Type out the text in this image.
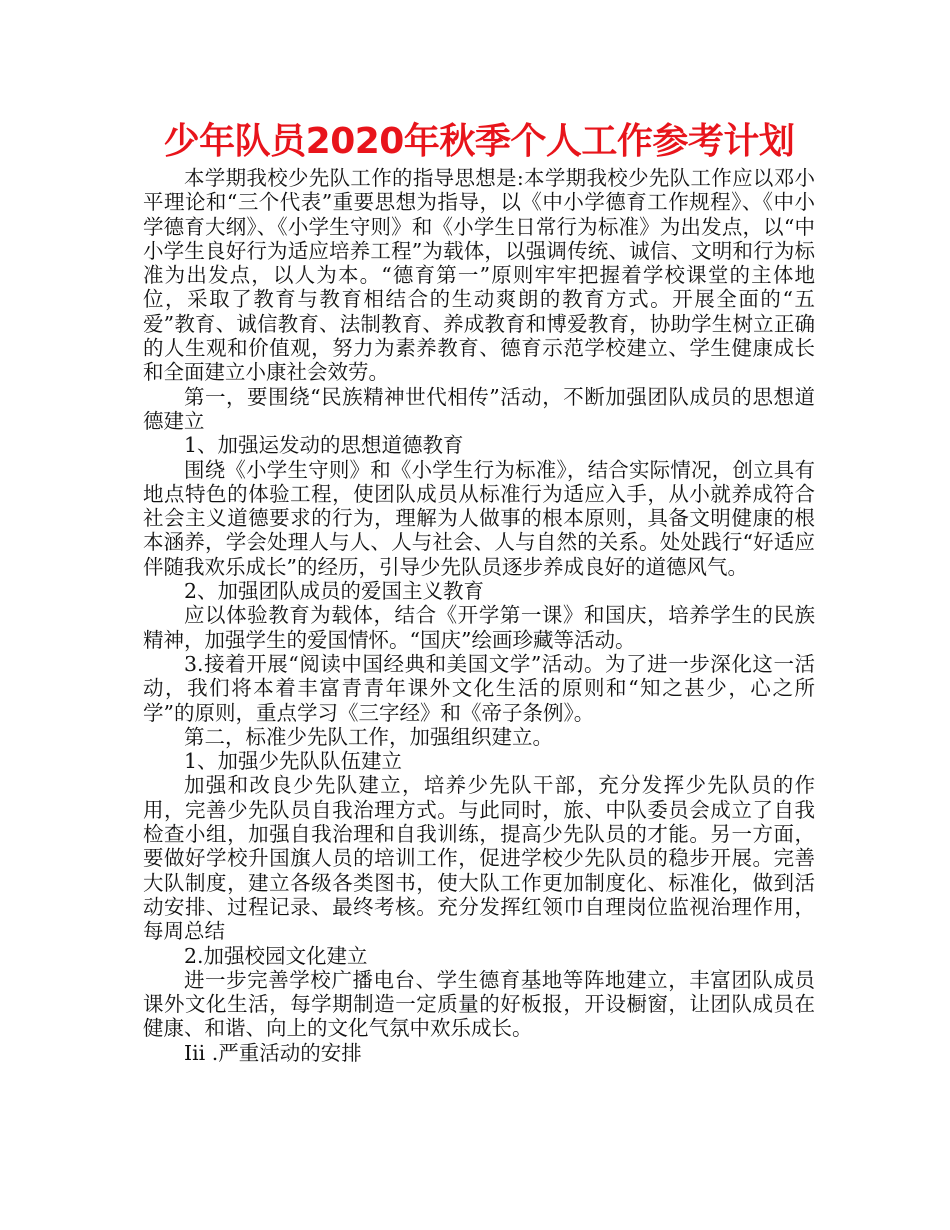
少年队员2020年秋季个人工作参考计划

本学期我校少先队工作的指导思想是:本学期我校少先队工作应以邓小平理论和“三个代表”重要思想为指导，以《中小学德育工作规程》、《中小学德育大纲》、《小学生守则》和《小学生日常行为标准》为出发点，以“中小学生良好行为适应培养工程”为载体，以强调传统、诚信、文明和行为标准为出发点，以人为本。“德育第一”原则牢牢把握着学校课堂的主体地位，采取了教育与教育相结合的生动爽朗的教育方式。开展全面的“五爱”教育、诚信教育、法制教育、养成教育和博爱教育，协助学生树立正确的人生观和价值观，努力为素养教育、德育示范学校建立、学生健康成长和全面建立小康社会效劳。

第一，要围绕“民族精神世代相传”活动，不断加强团队成员的思想道德建立

1、加强运发动的思想道德教育

围绕《小学生守则》和《小学生行为标准》，结合实际情况，创立具有地点特色的体验工程，使团队成员从标准行为适应入手，从小就养成符合社会主义道德要求的行为，理解为人做事的根本原则，具备文明健康的根本涵养，学会处理人与人、人与社会、人与自然的关系。处处践行“好适应伴随我欢乐成长”的经历，引导少先队员逐步养成良好的道德风气。

2、加强团队成员的爱国主义教育

应以体验教育为载体，结合《开学第一课》和国庆，培养学生的民族精神，加强学生的爱国情怀。“国庆”绘画珍藏等活动。

3.接着开展“阅读中国经典和美国文学”活动。为了进一步深化这一活动，我们将本着丰富青青年课外文化生活的原则和“知之甚少，心之所学”的原则，重点学习《三字经》和《帝子条例》。

第二，标准少先队工作，加强组织建立。

1、加强少先队队伍建立

加强和改良少先队建立，培养少先队干部，充分发挥少先队员的作用，完善少先队员自我治理方式。与此同时，旅、中队委员会成立了自我检查小组，加强自我治理和自我训练，提高少先队员的才能。另一方面，要做好学校升国旗人员的培训工作，促进学校少先队员的稳步开展。完善大队制度，建立各级各类图书，使大队工作更加制度化、标准化，做到活动安排、过程记录、最终考核。充分发挥红领巾自理岗位监视治理作用，每周总结

2.加强校园文化建立

进一步完善学校广播电台、学生德育基地等阵地建立，丰富团队成员课外文化生活，每学期制造一定质量的好板报，开设橱窗，让团队成员在健康、和谐、向上的文化气氛中欢乐成长。

Iii .严重活动的安排
